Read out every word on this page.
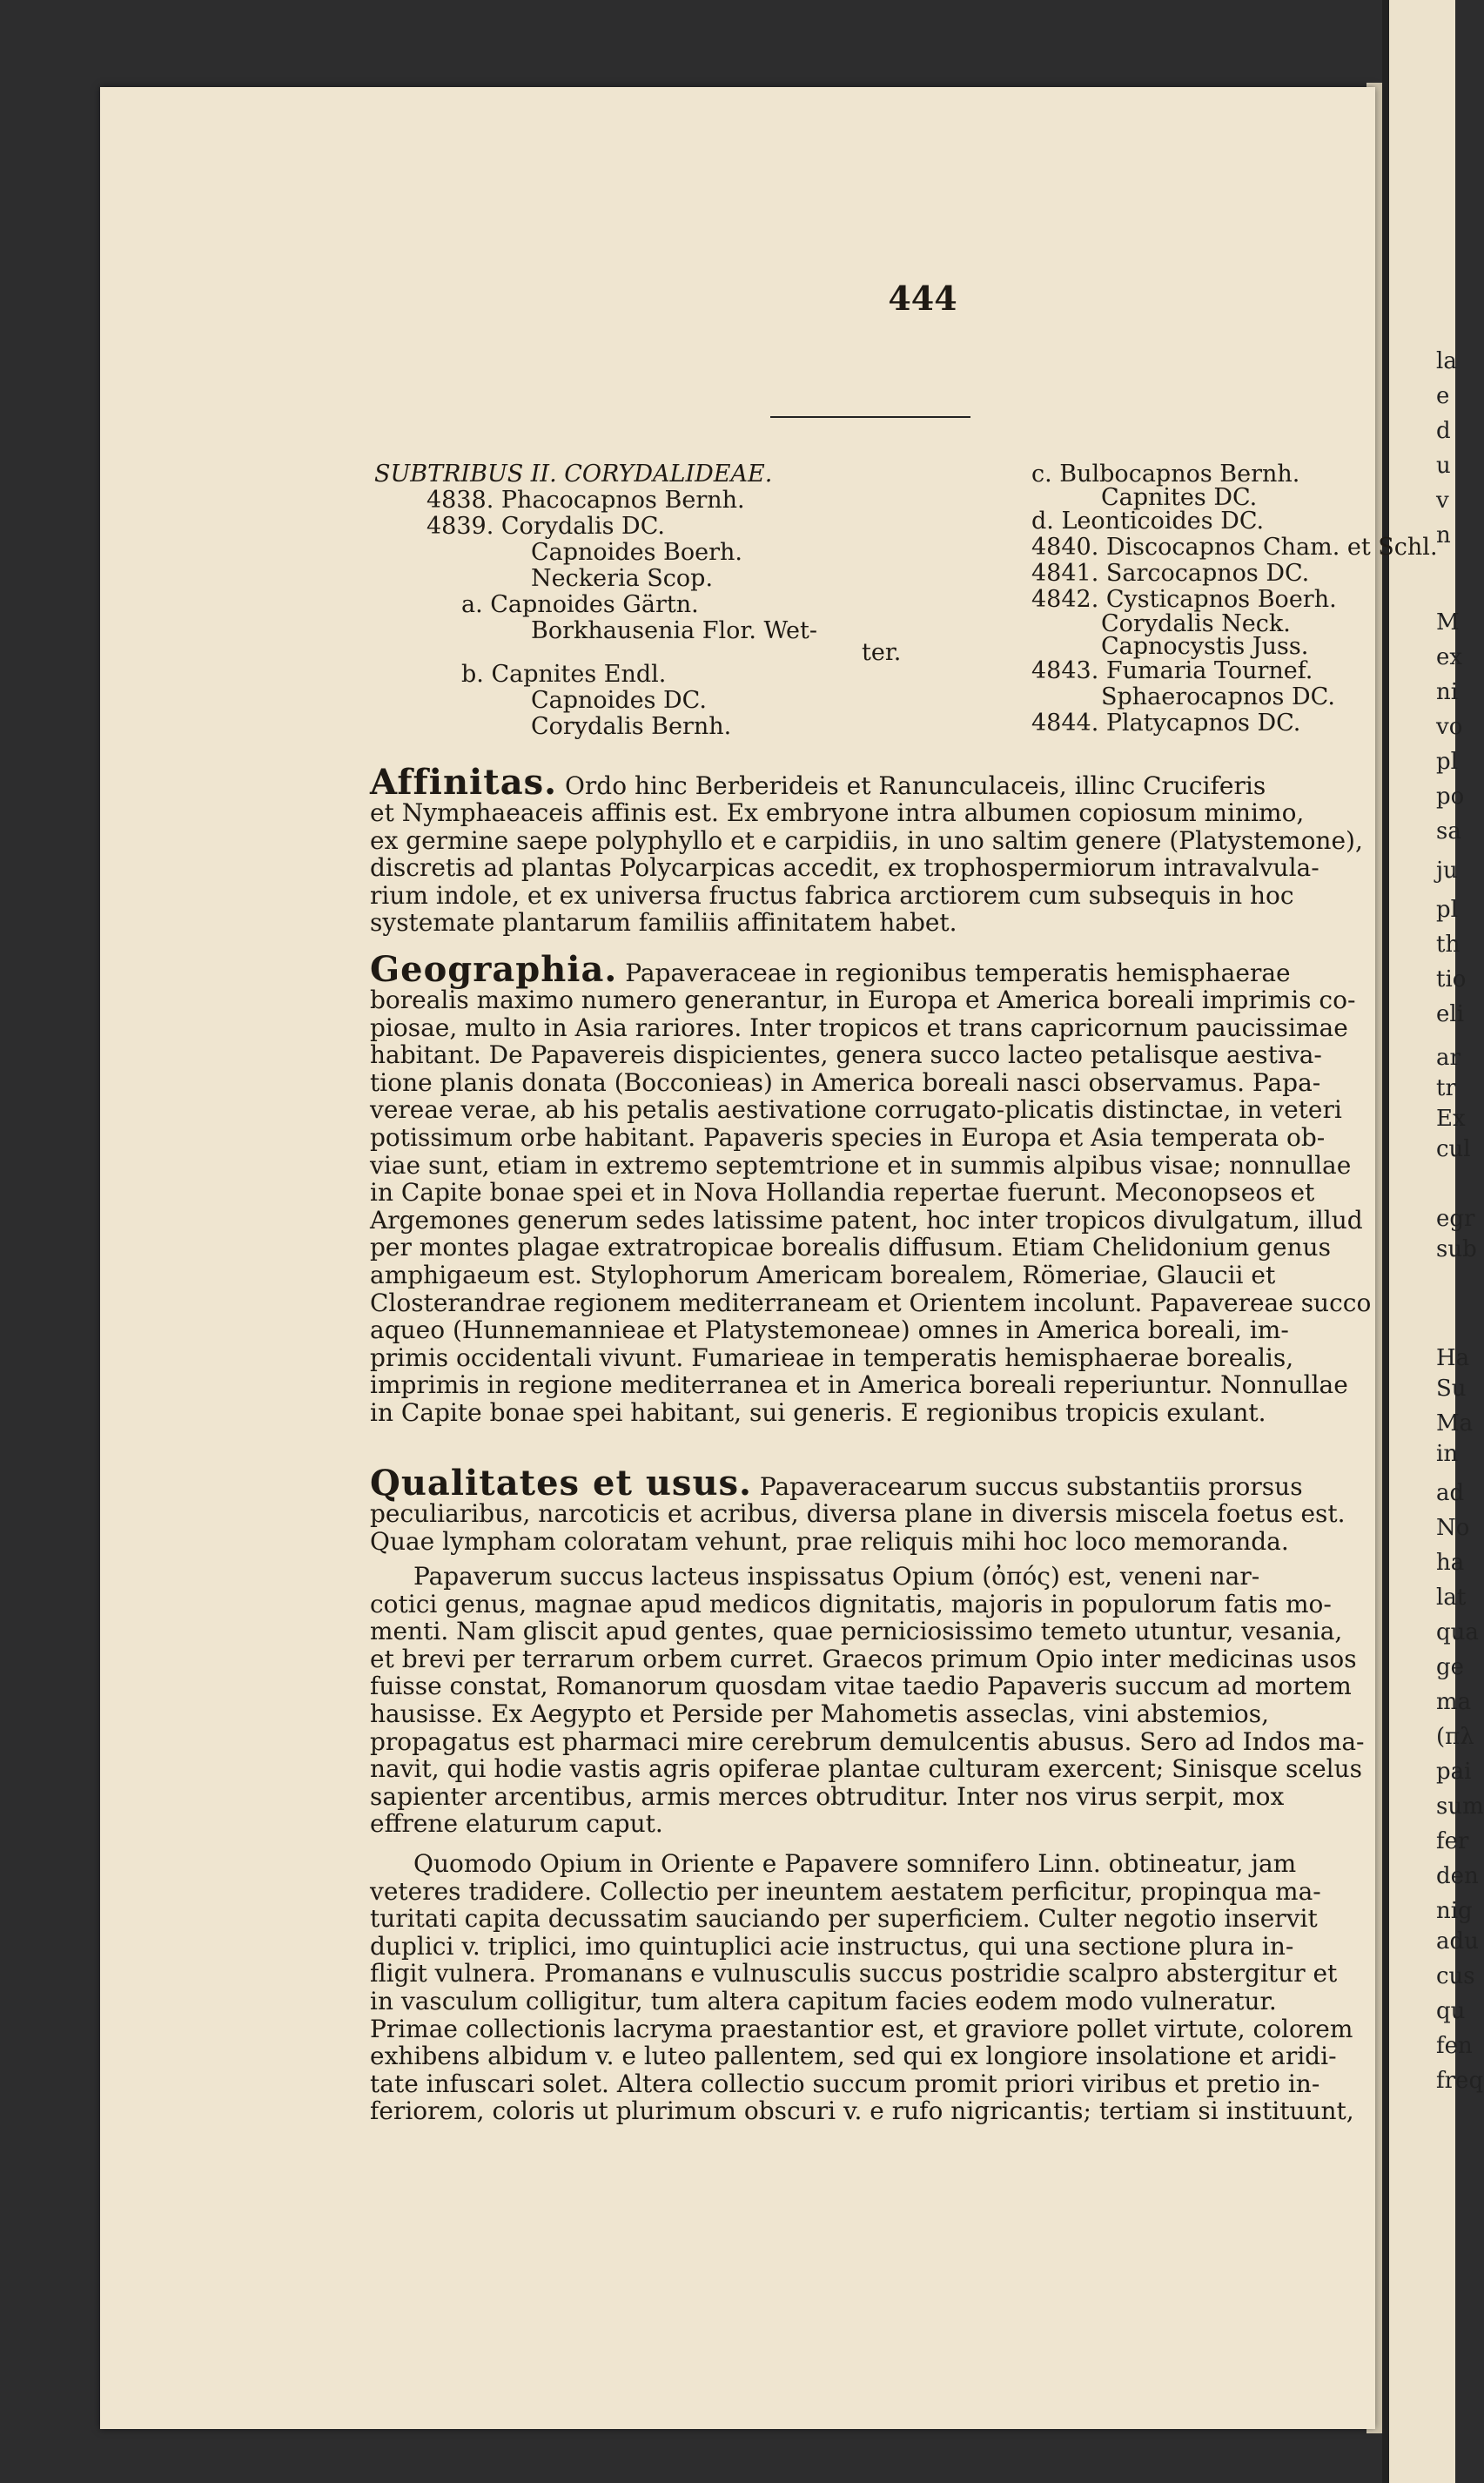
la
e
d
u
v
n
M
ex
ni
vo
pl
po
sa
ju
pl
th
tio
eli
ar
tr
Ex
cul
egr
sub
Ha
Su
Ma
in
ad
No
ha
lat
qua
ge
ma
(πλ
pai
sum
fer
den
nig
adu
cus
qu
fen
freq
444
SUBTRIBUS II. CORYDALIDEAE.
4838. Phacocapnos Bernh.
4839. Corydalis DC.
Capnoides Boerh.
Neckeria Scop.
a. Capnoides Gärtn.
Borkhausenia Flor. Wet-
ter.
b. Capnites Endl.
Capnoides DC.
Corydalis Bernh.
c. Bulbocapnos Bernh.
Capnites DC.
d. Leonticoides DC.
4840. Discocapnos Cham. et Schl.
4841. Sarcocapnos DC.
4842. Cysticapnos Boerh.
Corydalis Neck.
Capnocystis Juss.
4843. Fumaria Tournef.
Sphaerocapnos DC.
4844. Platycapnos DC.
Affinitas. Ordo hinc Berberideis et Ranunculaceis, illinc Cruciferis
et Nymphaeaceis affinis est. Ex embryone intra albumen copiosum minimo,
ex germine saepe polyphyllo et e carpidiis, in uno saltim genere (Platystemone),
discretis ad plantas Polycarpicas accedit, ex trophospermiorum intravalvula-
rium indole, et ex universa fructus fabrica arctiorem cum subsequis in hoc
systemate plantarum familiis affinitatem habet.
Geographia. Papaveraceae in regionibus temperatis hemisphaerae
borealis maximo numero generantur, in Europa et America boreali imprimis co-
piosae, multo in Asia rariores. Inter tropicos et trans capricornum paucissimae
habitant. De Papavereis dispicientes, genera succo lacteo petalisque aestiva-
tione planis donata (Bocconieas) in America boreali nasci observamus. Papa-
vereae verae, ab his petalis aestivatione corrugato-plicatis distinctae, in veteri
potissimum orbe habitant. Papaveris species in Europa et Asia temperata ob-
viae sunt, etiam in extremo septemtrione et in summis alpibus visae; nonnullae
in Capite bonae spei et in Nova Hollandia repertae fuerunt. Meconopseos et
Argemones generum sedes latissime patent, hoc inter tropicos divulgatum, illud
per montes plagae extratropicae borealis diffusum. Etiam Chelidonium genus
amphigaeum est. Stylophorum Americam borealem, Römeriae, Glaucii et
Closterandrae regionem mediterraneam et Orientem incolunt. Papavereae succo
aqueo (Hunnemannieae et Platystemoneae) omnes in America boreali, im-
primis occidentali vivunt. Fumarieae in temperatis hemisphaerae borealis,
imprimis in regione mediterranea et in America boreali reperiuntur. Nonnullae
in Capite bonae spei habitant, sui generis. E regionibus tropicis exulant.
Qualitates et usus. Papaveracearum succus substantiis prorsus
peculiaribus, narcoticis et acribus, diversa plane in diversis miscela foetus est.
Quae lympham coloratam vehunt, prae reliquis mihi hoc loco memoranda.
Papaverum succus lacteus inspissatus Opium (ὀπός) est, veneni nar-
cotici genus, magnae apud medicos dignitatis, majoris in populorum fatis mo-
menti. Nam gliscit apud gentes, quae perniciosissimo temeto utuntur, vesania,
et brevi per terrarum orbem curret. Graecos primum Opio inter medicinas usos
fuisse constat, Romanorum quosdam vitae taedio Papaveris succum ad mortem
hausisse. Ex Aegypto et Perside per Mahometis asseclas, vini abstemios,
propagatus est pharmaci mire cerebrum demulcentis abusus. Sero ad Indos ma-
navit, qui hodie vastis agris opiferae plantae culturam exercent; Sinisque scelus
sapienter arcentibus, armis merces obtruditur. Inter nos virus serpit, mox
effrene elaturum caput.
Quomodo Opium in Oriente e Papavere somnifero Linn. obtineatur, jam
veteres tradidere. Collectio per ineuntem aestatem perficitur, propinqua ma-
turitati capita decussatim sauciando per superficiem. Culter negotio inservit
duplici v. triplici, imo quintuplici acie instructus, qui una sectione plura in-
fligit vulnera. Promanans e vulnusculis succus postridie scalpro abstergitur et
in vasculum colligitur, tum altera capitum facies eodem modo vulneratur.
Primae collectionis lacryma praestantior est, et graviore pollet virtute, colorem
exhibens albidum v. e luteo pallentem, sed qui ex longiore insolatione et aridi-
tate infuscari solet. Altera collectio succum promit priori viribus et pretio in-
feriorem, coloris ut plurimum obscuri v. e rufo nigricantis; tertiam si instituunt,
